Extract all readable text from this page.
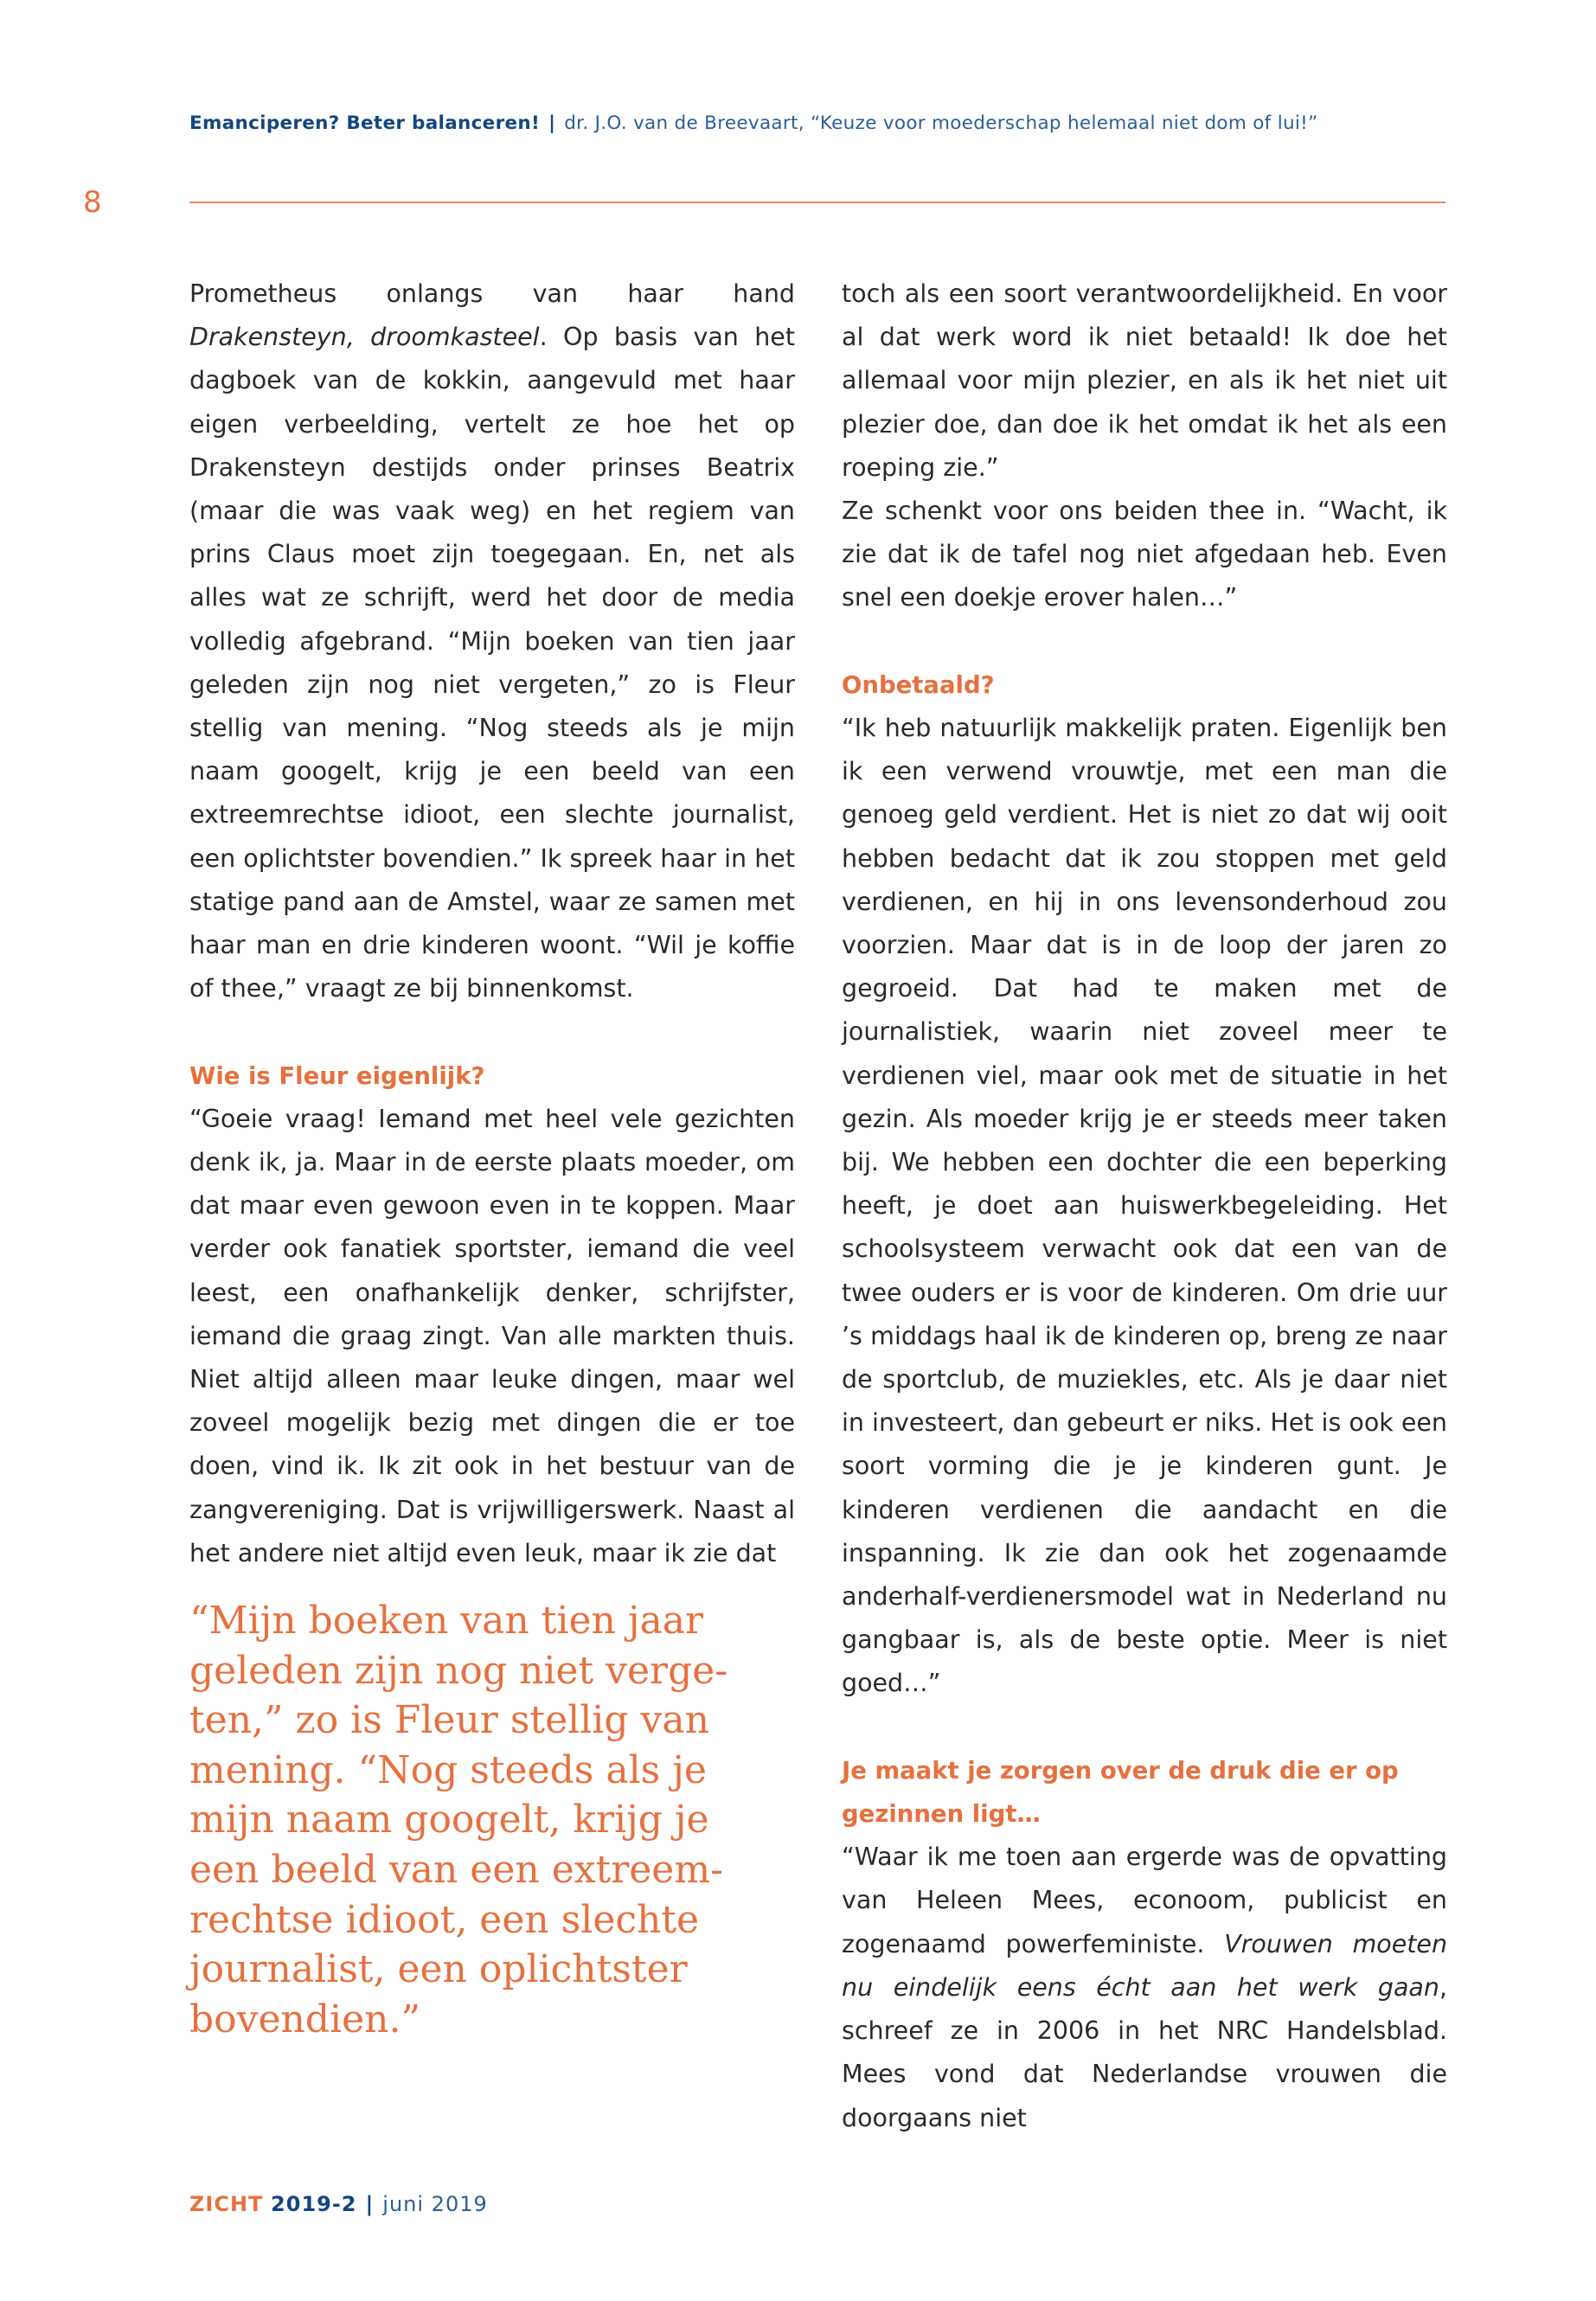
Emanciperen? Beter balanceren! | dr. J.O. van de Breevaart, “Keuze voor moederschap helemaal niet dom of lui!”
8

Prometheus onlangs van haar hand Drakensteyn, droomkasteel. Op basis van het dagboek van de kokkin, aangevuld met haar eigen verbeelding, vertelt ze hoe het op Drakensteyn destijds onder prinses Beatrix (maar die was vaak weg) en het regiem van prins Claus moet zijn toegegaan. En, net als alles wat ze schrijft, werd het door de media volledig afgebrand. “Mijn boeken van tien jaar geleden zijn nog niet vergeten,” zo is Fleur stellig van mening. “Nog steeds als je mijn naam googelt, krijg je een beeld van een extreemrechtse idioot, een slechte journalist, een oplichtster bovendien.” Ik spreek haar in het statige pand aan de Amstel, waar ze samen met haar man en drie kinderen woont. “Wil je koffie of thee,” vraagt ze bij binnenkomst.

Wie is Fleur eigenlijk?

“Goeie vraag! Iemand met heel vele gezichten denk ik, ja. Maar in de eerste plaats moeder, om dat maar even gewoon even in te koppen. Maar verder ook fanatiek sportster, iemand die veel leest, een onafhankelijk denker, schrijfster, iemand die graag zingt. Van alle markten thuis. Niet altijd alleen maar leuke dingen, maar wel zoveel mogelijk bezig met dingen die er toe doen, vind ik. Ik zit ook in het bestuur van de zangvereniging. Dat is vrijwilligerswerk. Naast al het andere niet altijd even leuk, maar ik zie dat

“Mijn boeken van tien jaar
geleden zijn nog niet verge-
ten,” zo is Fleur stellig van
mening. “Nog steeds als je
mijn naam googelt, krijg je
een beeld van een extreem-
rechtse idioot, een slechte
journalist, een oplichtster
bovendien.”

toch als een soort verantwoordelijkheid. En voor al dat werk word ik niet betaald! Ik doe het allemaal voor mijn plezier, en als ik het niet uit plezier doe, dan doe ik het omdat ik het als een roeping zie.”

Ze schenkt voor ons beiden thee in. “Wacht, ik zie dat ik de tafel nog niet afgedaan heb. Even snel een doekje erover halen…”

Onbetaald?

“Ik heb natuurlijk makkelijk praten. Eigenlijk ben ik een verwend vrouwtje, met een man die genoeg geld verdient. Het is niet zo dat wij ooit hebben bedacht dat ik zou stoppen met geld verdienen, en hij in ons levensonderhoud zou voorzien. Maar dat is in de loop der jaren zo gegroeid. Dat had te maken met de journalistiek, waarin niet zoveel meer te verdienen viel, maar ook met de situatie in het gezin. Als moeder krijg je er steeds meer taken bij. We hebben een dochter die een beperking heeft, je doet aan huiswerkbegeleiding. Het schoolsysteem verwacht ook dat een van de twee ouders er is voor de kinderen. Om drie uur ’s middags haal ik de kinderen op, breng ze naar de sportclub, de muziekles, etc. Als je daar niet in investeert, dan gebeurt er niks. Het is ook een soort vorming die je je kinderen gunt. Je kinderen verdienen die aandacht en die inspanning. Ik zie dan ook het zogenaamde anderhalf-verdienersmodel wat in Nederland nu gangbaar is, als de beste optie. Meer is niet goed…”

Je maakt je zorgen over de druk die er op gezinnen ligt…

“Waar ik me toen aan ergerde was de opvatting van Heleen Mees, econoom, publicist en zogenaamd powerfeministe. Vrouwen moeten nu eindelijk eens écht aan het werk gaan, schreef ze in 2006 in het NRC Handelsblad. Mees vond dat Nederlandse vrouwen die doorgaans niet

ZICHT 2019-2 | juni 2019
